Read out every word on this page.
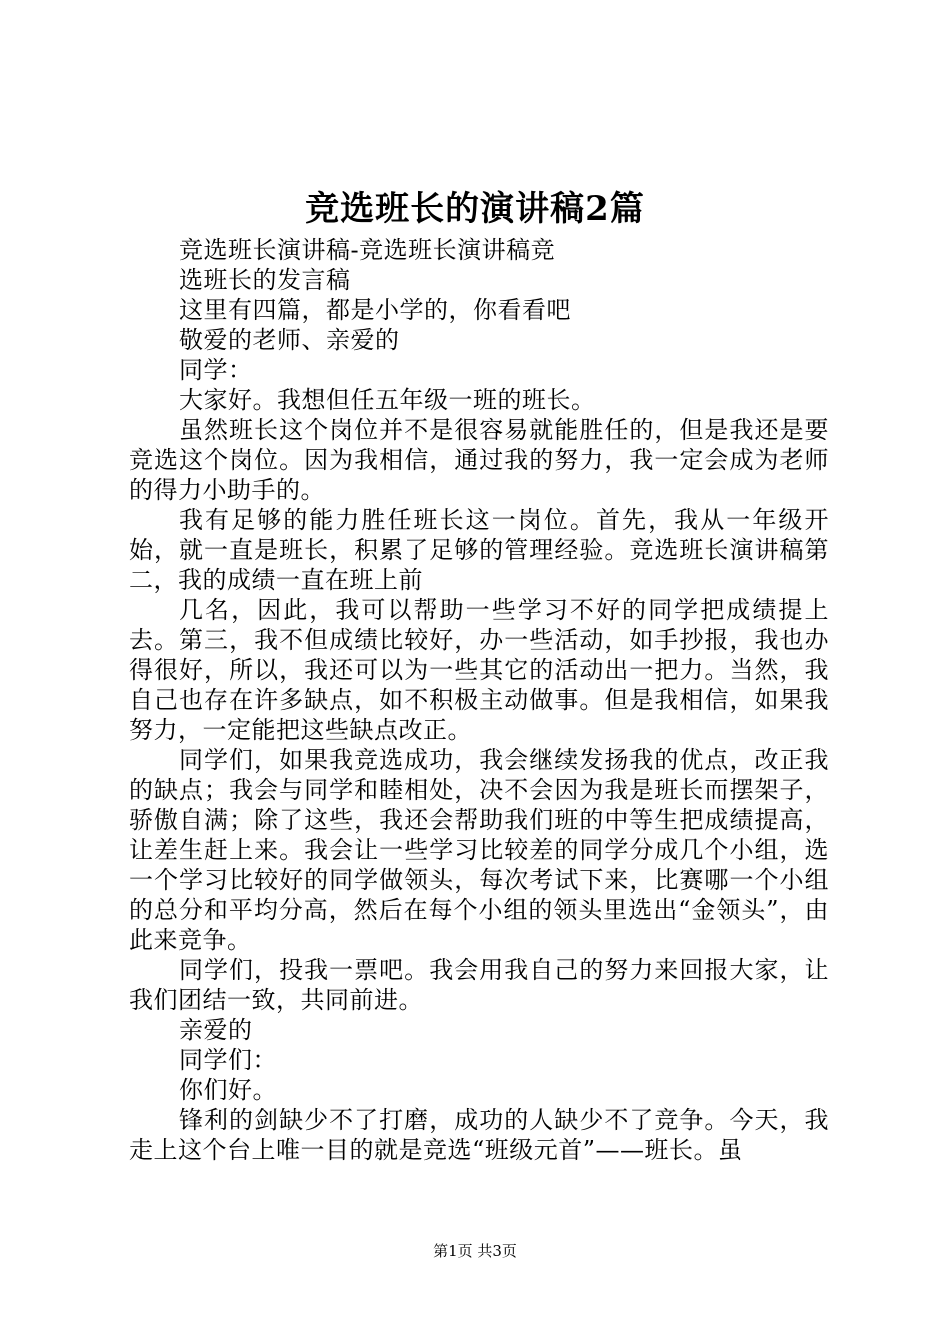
竞选班长的演讲稿2篇

竞选班长演讲稿-竞选班长演讲稿竞

选班长的发言稿

这里有四篇，都是小学的，你看看吧

敬爱的老师、亲爱的

同学：

大家好。我想但任五年级一班的班长。

虽然班长这个岗位并不是很容易就能胜任的，但是我还是要竞选这个岗位。因为我相信，通过我的努力，我一定会成为老师的得力小助手的。

我有足够的能力胜任班长这一岗位。首先，我从一年级开始，就一直是班长，积累了足够的管理经验。竞选班长演讲稿第二，我的成绩一直在班上前

几名，因此，我可以帮助一些学习不好的同学把成绩提上去。第三，我不但成绩比较好，办一些活动，如手抄报，我也办得很好，所以，我还可以为一些其它的活动出一把力。当然，我自己也存在许多缺点，如不积极主动做事。但是我相信，如果我努力，一定能把这些缺点改正。

同学们，如果我竞选成功，我会继续发扬我的优点，改正我的缺点；我会与同学和睦相处，决不会因为我是班长而摆架子，骄傲自满；除了这些，我还会帮助我们班的中等生把成绩提高，让差生赶上来。我会让一些学习比较差的同学分成几个小组，选一个学习比较好的同学做领头，每次考试下来，比赛哪一个小组的总分和平均分高，然后在每个小组的领头里选出“金领头”，由此来竞争。

同学们，投我一票吧。我会用我自己的努力来回报大家，让我们团结一致，共同前进。

亲爱的

同学们：

你们好。

锋利的剑缺少不了打磨，成功的人缺少不了竞争。今天，我走上这个台上唯一目的就是竞选“班级元首”——班长。虽

第1页 共3页
